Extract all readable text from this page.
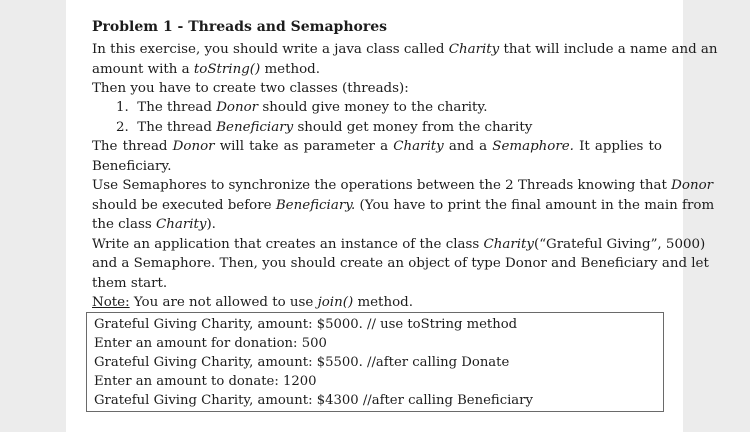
Problem 1 - Threads and Semaphores
In this exercise, you should write a java class called Charity that will include a name and an
amount with a toString() method.
Then you have to create two classes (threads):
1. The thread Donor should give money to the charity.
2. The thread Beneficiary should get money from the charity
The thread Donor will take as parameter a Charity and a Semaphore. It applies to
Beneficiary.
Use Semaphores to synchronize the operations between the 2 Threads knowing that Donor
should be executed before Beneficiary. (You have to print the final amount in the main from
the class Charity).
Write an application that creates an instance of the class Charity(“Grateful Giving”, 5000)
and a Semaphore. Then, you should create an object of type Donor and Beneficiary and let
them start.
Note: You are not allowed to use join() method.
Grateful Giving Charity, amount: $5000. // use toString method
Enter an amount for donation: 500
Grateful Giving Charity, amount: $5500. //after calling Donate
Enter an amount to donate: 1200
Grateful Giving Charity, amount: $4300 //after calling Beneficiary
